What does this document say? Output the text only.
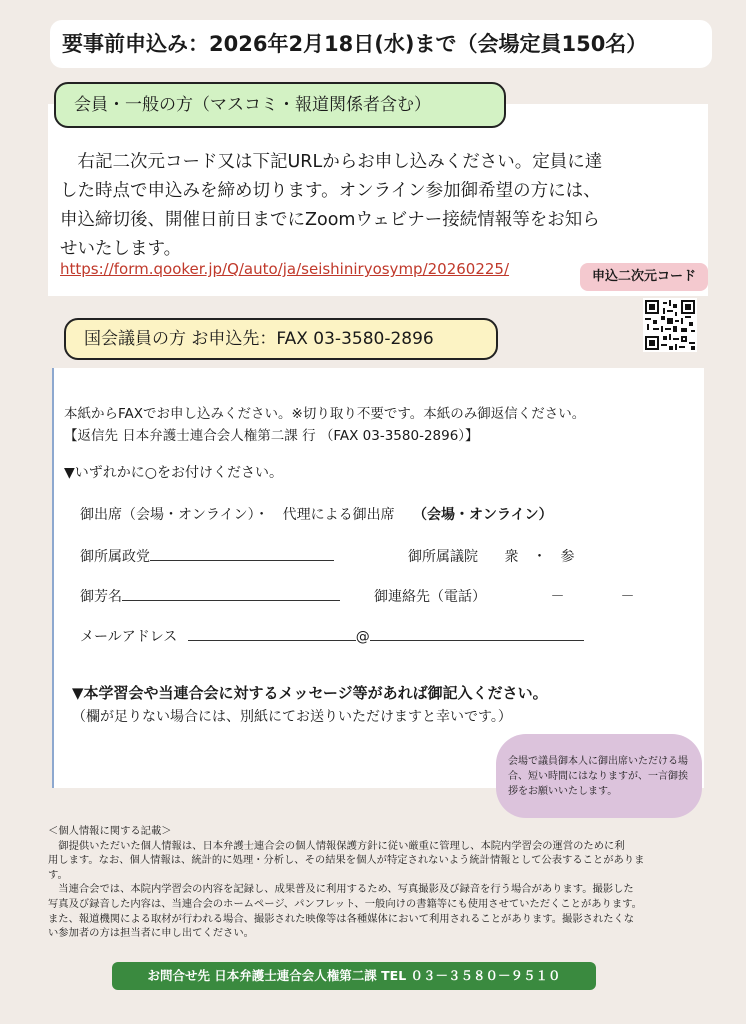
要事前申込み：2026年2月18日(水)まで（会場定員150名）
会員・一般の方（マスコミ・報道関係者含む）
　右記二次元コード又は下記URLからお申し込みください。定員に達
した時点で申込みを締め切ります。オンライン参加御希望の方には、
申込締切後、開催日前日までにZoomウェビナー接続情報等をお知ら
せいたします。
https://form.qooker.jp/Q/auto/ja/seishiniryosymp/20260225/	申込二次元コード
国会議員の方 お申込先：FAX 03-3580-2896
本紙からFAXでお申し込みください。※切り取り不要です。本紙のみ御返信ください。
【返信先 日本弁護士連合会人権第二課 行 （FAX 03-3580-2896）】
▼いずれかに○をお付けください。
御出席（会場・オンライン）・　代理による御出席 （会場・オンライン）
御所属政党	御所属議院 衆　・　参
御芳名	御連絡先（電話）	－　　　　－
メールアドレス	@
▼本学習会や当連合会に対するメッセージ等があれば御記入ください。
（欄が足りない場合には、別紙にてお送りいただけますと幸いです。）
会場で議員御本人に御出席いただける場合、短い時間にはなりますが、一言御挨拶をお願いいたします。
＜個人情報に関する記載＞
　御提供いただいた個人情報は、日本弁護士連合会の個人情報保護方針に従い厳重に管理し、本院内学習会の運営のために利
用します。なお、個人情報は、統計的に処理・分析し、その結果を個人が特定されないよう統計情報として公表することがありま
す。
　当連合会では、本院内学習会の内容を記録し、成果普及に利用するため、写真撮影及び録音を行う場合があります。撮影した
写真及び録音した内容は、当連合会のホームページ、パンフレット、一般向けの書籍等にも使用させていただくことがあります。
また、報道機関による取材が行われる場合、撮影された映像等は各種媒体において利用されることがあります。撮影されたくな
い参加者の方は担当者に申し出てください。
お問合せ先 日本弁護士連合会人権第二課 TEL ０３－３５８０－９５１０
